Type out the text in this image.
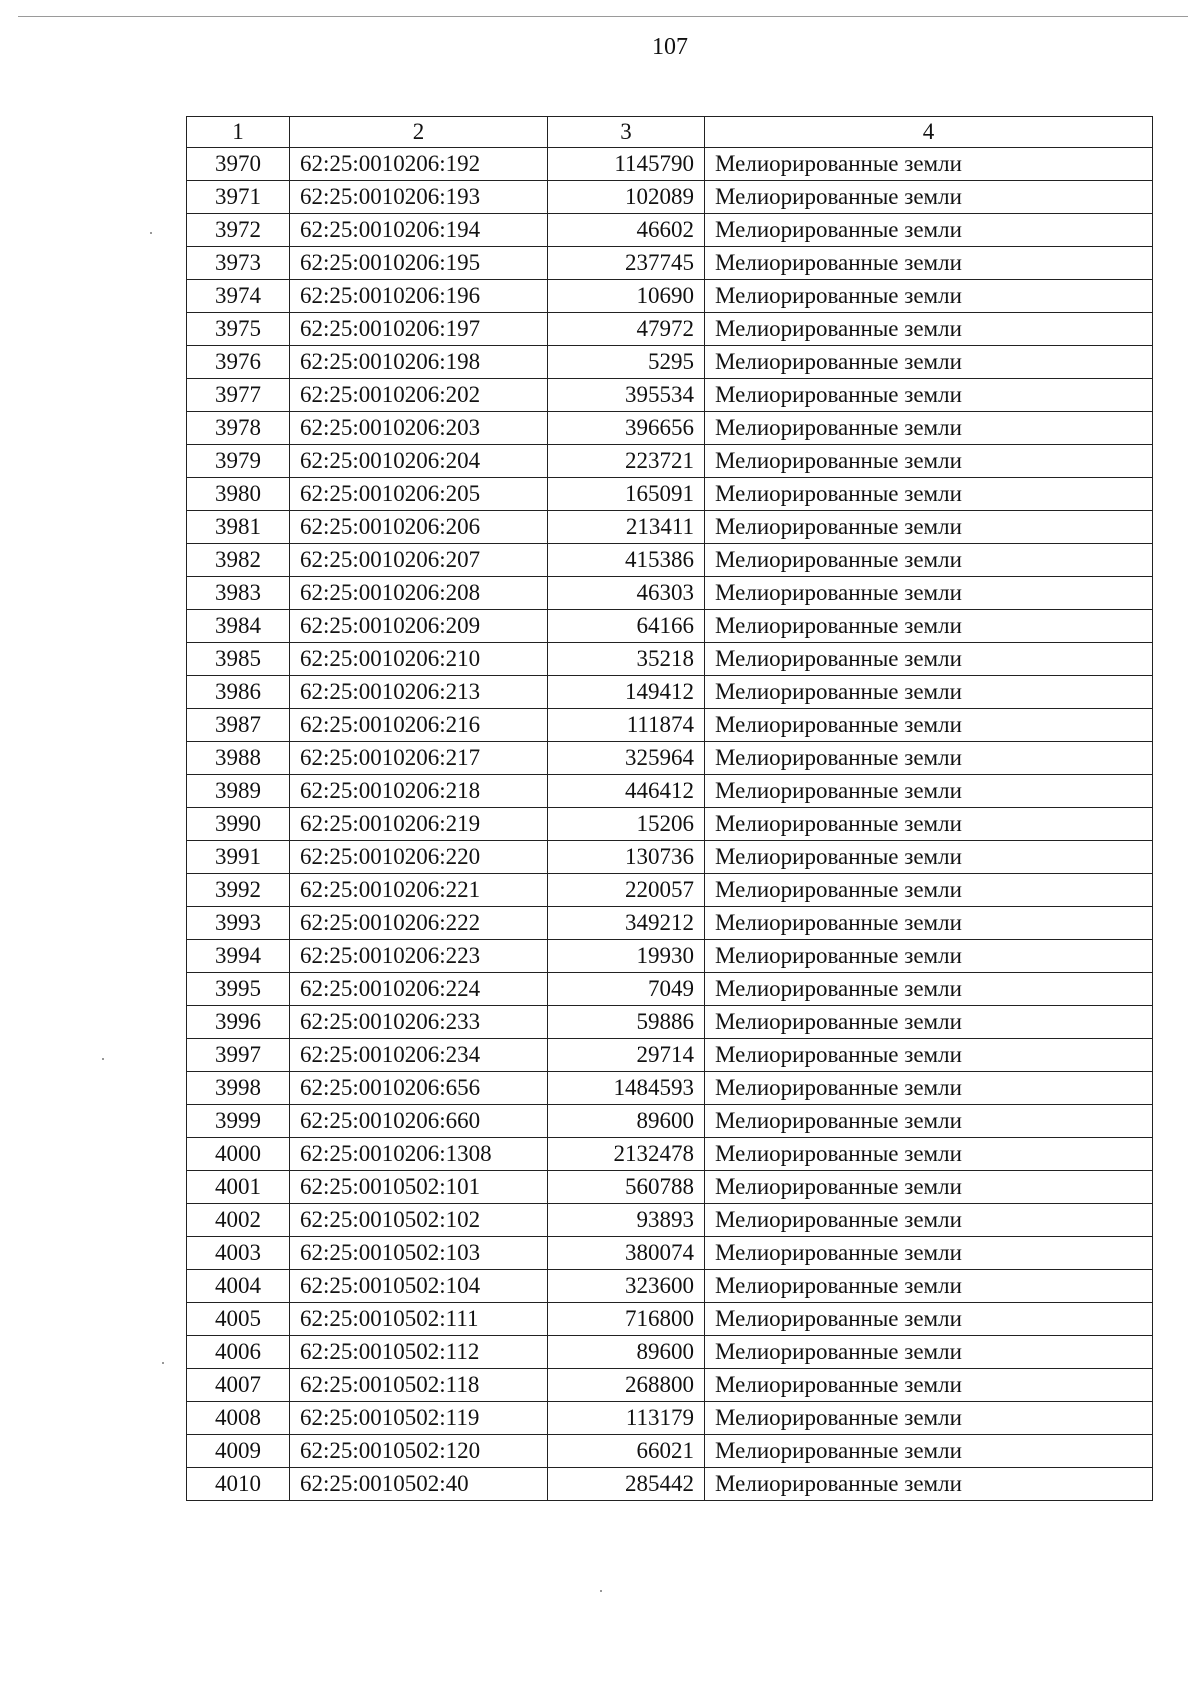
107
1	2	3	4
3970	62:25:0010206:192	1145790	Мелиорированные земли
3971	62:25:0010206:193	102089	Мелиорированные земли
3972	62:25:0010206:194	46602	Мелиорированные земли
3973	62:25:0010206:195	237745	Мелиорированные земли
3974	62:25:0010206:196	10690	Мелиорированные земли
3975	62:25:0010206:197	47972	Мелиорированные земли
3976	62:25:0010206:198	5295	Мелиорированные земли
3977	62:25:0010206:202	395534	Мелиорированные земли
3978	62:25:0010206:203	396656	Мелиорированные земли
3979	62:25:0010206:204	223721	Мелиорированные земли
3980	62:25:0010206:205	165091	Мелиорированные земли
3981	62:25:0010206:206	213411	Мелиорированные земли
3982	62:25:0010206:207	415386	Мелиорированные земли
3983	62:25:0010206:208	46303	Мелиорированные земли
3984	62:25:0010206:209	64166	Мелиорированные земли
3985	62:25:0010206:210	35218	Мелиорированные земли
3986	62:25:0010206:213	149412	Мелиорированные земли
3987	62:25:0010206:216	111874	Мелиорированные земли
3988	62:25:0010206:217	325964	Мелиорированные земли
3989	62:25:0010206:218	446412	Мелиорированные земли
3990	62:25:0010206:219	15206	Мелиорированные земли
3991	62:25:0010206:220	130736	Мелиорированные земли
3992	62:25:0010206:221	220057	Мелиорированные земли
3993	62:25:0010206:222	349212	Мелиорированные земли
3994	62:25:0010206:223	19930	Мелиорированные земли
3995	62:25:0010206:224	7049	Мелиорированные земли
3996	62:25:0010206:233	59886	Мелиорированные земли
3997	62:25:0010206:234	29714	Мелиорированные земли
3998	62:25:0010206:656	1484593	Мелиорированные земли
3999	62:25:0010206:660	89600	Мелиорированные земли
4000	62:25:0010206:1308	2132478	Мелиорированные земли
4001	62:25:0010502:101	560788	Мелиорированные земли
4002	62:25:0010502:102	93893	Мелиорированные земли
4003	62:25:0010502:103	380074	Мелиорированные земли
4004	62:25:0010502:104	323600	Мелиорированные земли
4005	62:25:0010502:111	716800	Мелиорированные земли
4006	62:25:0010502:112	89600	Мелиорированные земли
4007	62:25:0010502:118	268800	Мелиорированные земли
4008	62:25:0010502:119	113179	Мелиорированные земли
4009	62:25:0010502:120	66021	Мелиорированные земли
4010	62:25:0010502:40	285442	Мелиорированные земли
